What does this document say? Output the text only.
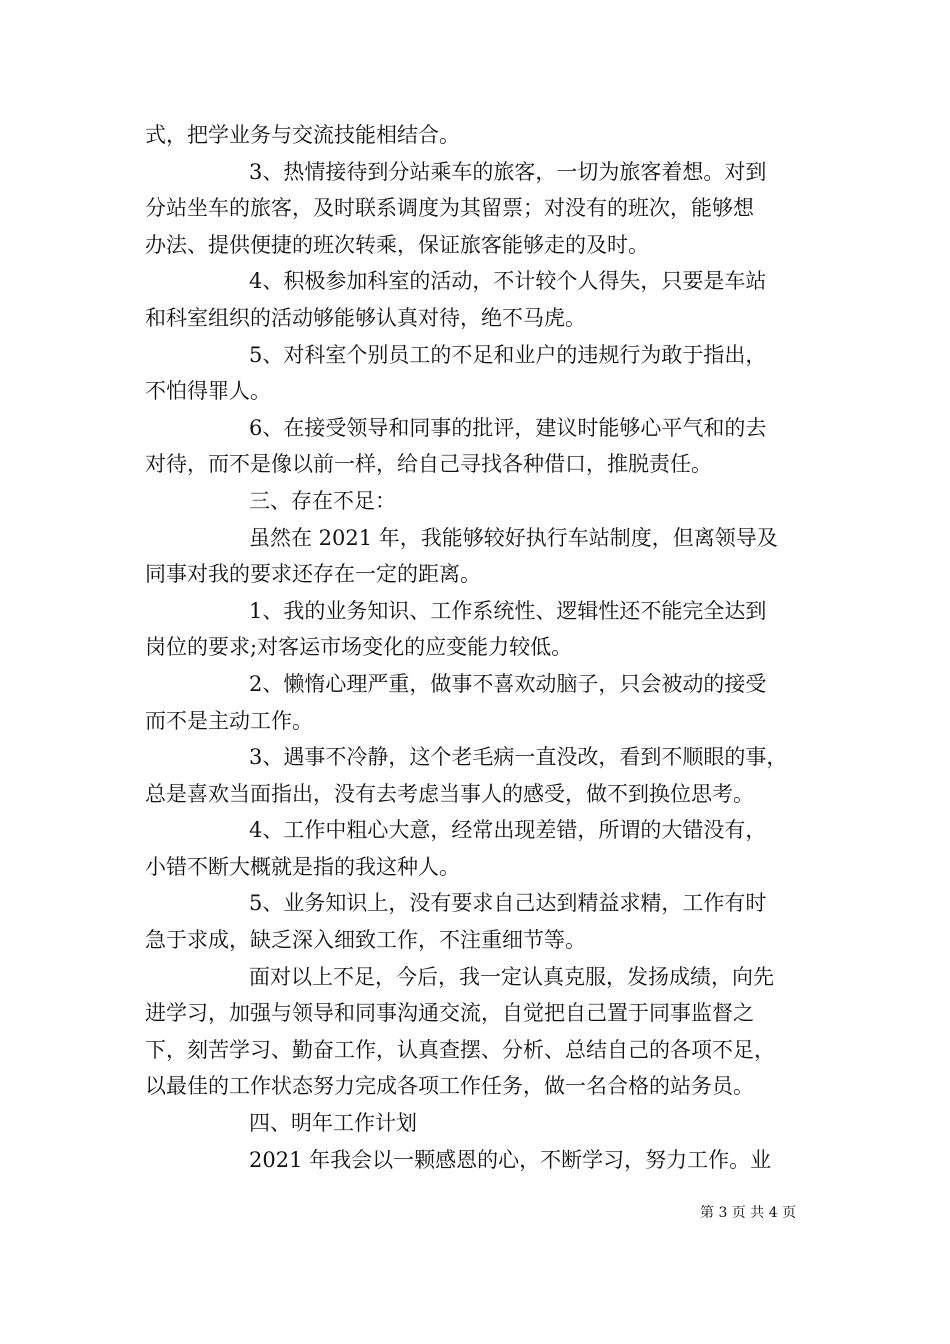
式，把学业务与交流技能相结合。
3、热情接待到分站乘车的旅客，一切为旅客着想。对到
分站坐车的旅客，及时联系调度为其留票；对没有的班次，能够想
办法、提供便捷的班次转乘，保证旅客能够走的及时。
4、积极参加科室的活动，不计较个人得失，只要是车站
和科室组织的活动够能够认真对待，绝不马虎。
5、对科室个别员工的不足和业户的违规行为敢于指出，
不怕得罪人。
6、在接受领导和同事的批评，建议时能够心平气和的去
对待，而不是像以前一样，给自己寻找各种借口，推脱责任。
三、存在不足：
虽然在 2021 年，我能够较好执行车站制度，但离领导及
同事对我的要求还存在一定的距离。
1、我的业务知识、工作系统性、逻辑性还不能完全达到
岗位的要求;对客运市场变化的应变能力较低。
2、懒惰心理严重，做事不喜欢动脑子，只会被动的接受
而不是主动工作。
3、遇事不冷静，这个老毛病一直没改，看到不顺眼的事，
总是喜欢当面指出，没有去考虑当事人的感受，做不到换位思考。
4、工作中粗心大意，经常出现差错，所谓的大错没有，
小错不断大概就是指的我这种人。
5、业务知识上，没有要求自己达到精益求精，工作有时
急于求成，缺乏深入细致工作，不注重细节等。
面对以上不足，今后，我一定认真克服，发扬成绩，向先
进学习，加强与领导和同事沟通交流，自觉把自己置于同事监督之
下，刻苦学习、勤奋工作，认真查摆、分析、总结自己的各项不足，
以最佳的工作状态努力完成各项工作任务，做一名合格的站务员。
四、明年工作计划
2021 年我会以一颗感恩的心，不断学习，努力工作。业
第 3 页 共 4 页
